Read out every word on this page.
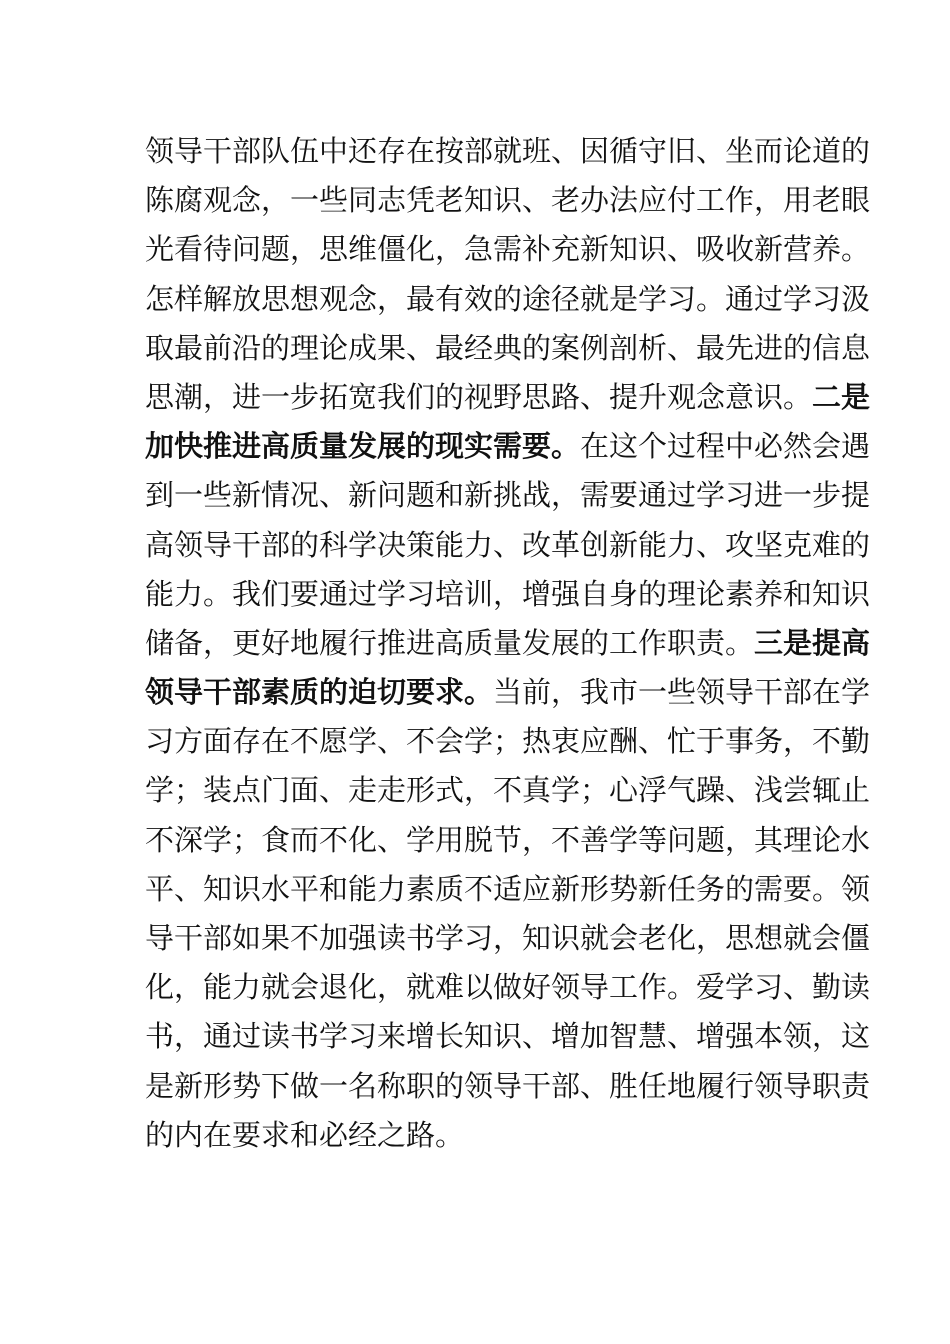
领导干部队伍中还存在按部就班、因循守旧、坐而论道的
陈腐观念，一些同志凭老知识、老办法应付工作，用老眼
光看待问题，思维僵化，急需补充新知识、吸收新营养。
怎样解放思想观念，最有效的途径就是学习。通过学习汲
取最前沿的理论成果、最经典的案例剖析、最先进的信息
思潮，进一步拓宽我们的视野思路、提升观念意识。二是
加快推进高质量发展的现实需要。在这个过程中必然会遇
到一些新情况、新问题和新挑战，需要通过学习进一步提
高领导干部的科学决策能力、改革创新能力、攻坚克难的
能力。我们要通过学习培训，增强自身的理论素养和知识
储备，更好地履行推进高质量发展的工作职责。三是提高
领导干部素质的迫切要求。当前，我市一些领导干部在学
习方面存在不愿学、不会学；热衷应酬、忙于事务，不勤
学；装点门面、走走形式，不真学；心浮气躁、浅尝辄止
不深学；食而不化、学用脱节，不善学等问题，其理论水
平、知识水平和能力素质不适应新形势新任务的需要。领
导干部如果不加强读书学习，知识就会老化，思想就会僵
化，能力就会退化，就难以做好领导工作。爱学习、勤读
书，通过读书学习来增长知识、增加智慧、增强本领，这
是新形势下做一名称职的领导干部、胜任地履行领导职责
的内在要求和必经之路。
